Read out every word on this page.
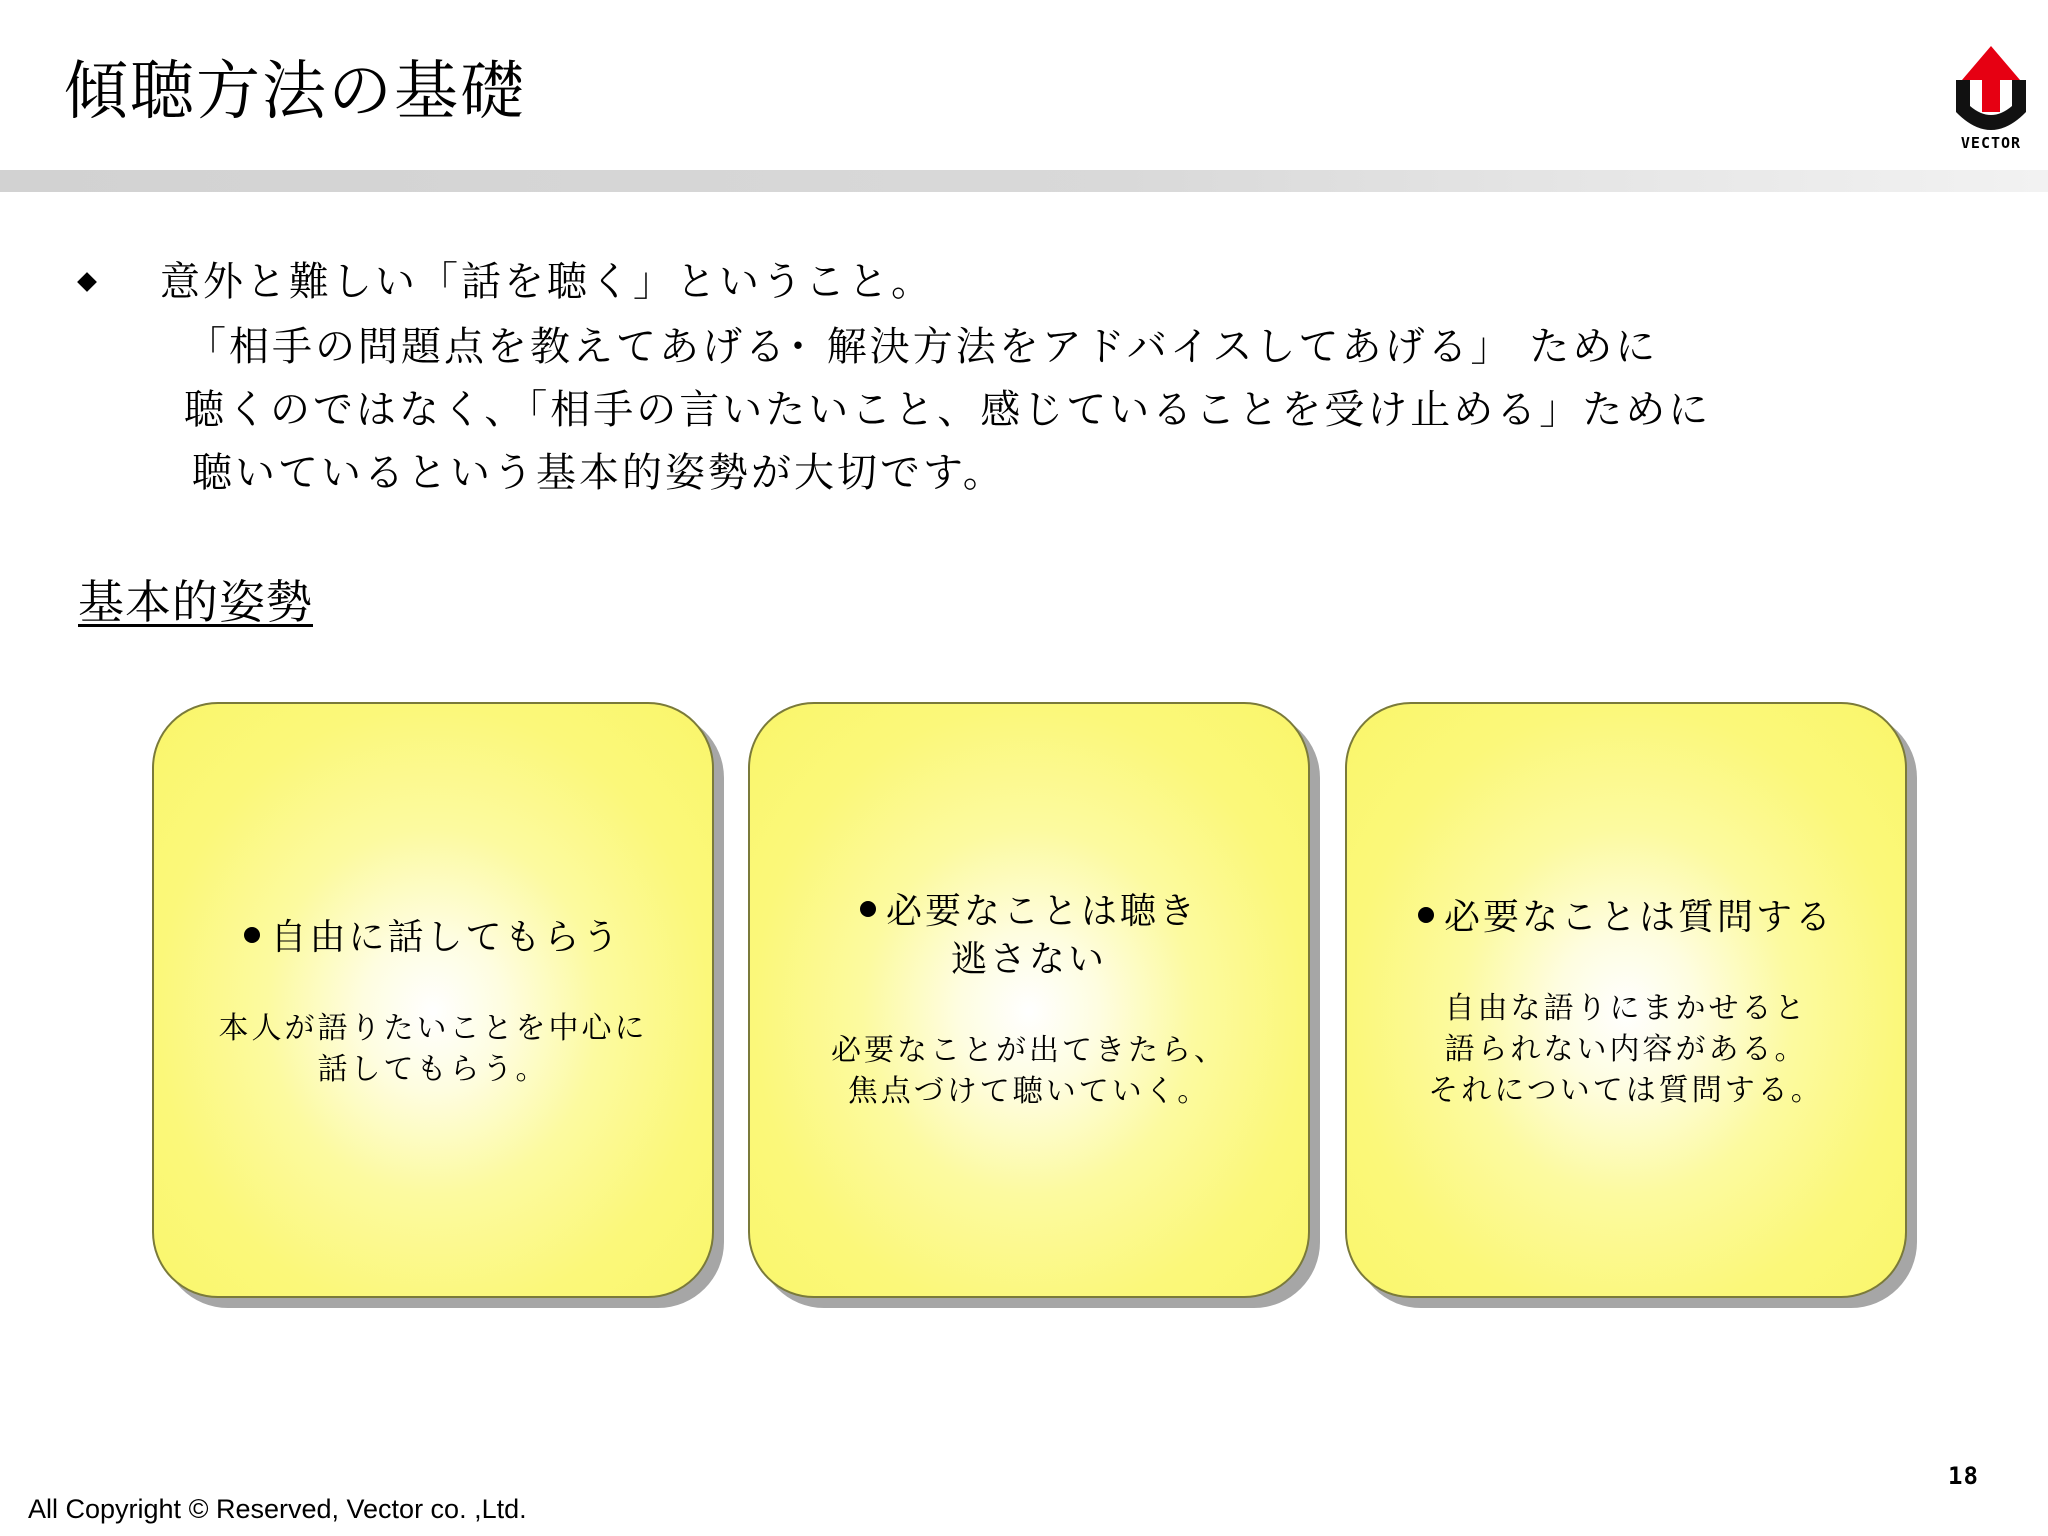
傾聴方法の基礎
VECTOR
意外と難しい「話を聴く」ということ。
「相手の問題点を教えてあげる･ 解決方法をアドバイスしてあげる」 ために
聴くのではなく、「相手の言いたいこと、感じていることを受け止める」ために
聴いているという基本的姿勢が大切です。
基本的姿勢
自由に話してもらう
本人が語りたいことを中心に
話してもらう。
必要なことは聴き
逃さない
必要なことが出てきたら、
焦点づけて聴いていく。
必要なことは質問する
自由な語りにまかせると
語られない内容がある。
それについては質問する。
18
All Copyright © Reserved, Vector co. ,Ltd.
